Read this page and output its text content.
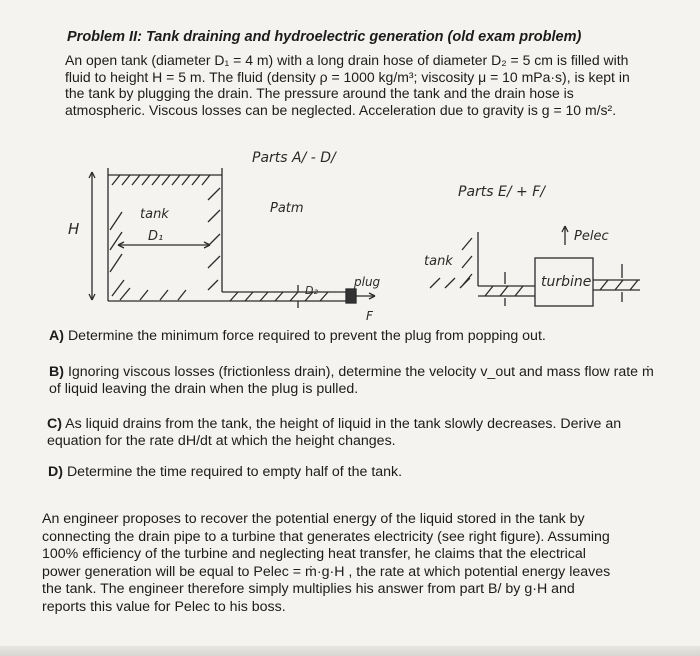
Problem II: Tank draining and hydroelectric generation (old exam problem)
An open tank (diameter D₁ = 4 m) with a long drain hose of diameter D₂ = 5 cm is filled with
fluid to height H = 5 m. The fluid (density ρ = 1000 kg/m³; viscosity μ = 10 mPa·s), is kept in
the tank by plugging the drain. The pressure around the tank and the drain hose is
atmospheric. Viscous losses can be neglected. Acceleration due to gravity is g = 10 m/s².
Parts A/ - D/
Parts E/ + F/
tank
D₁
H
Patm
D₂
plug
F
tank
turbine
Pelec
A) Determine the minimum force required to prevent the plug from popping out.
B) Ignoring viscous losses (frictionless drain), determine the velocity v_out and mass flow rate ṁ of liquid leaving the drain when the plug is pulled.
C) As liquid drains from the tank, the height of liquid in the tank slowly decreases. Derive an equation for the rate dH/dt at which the height changes.
D) Determine the time required to empty half of the tank.
An engineer proposes to recover the potential energy of the liquid stored in the tank by
connecting the drain pipe to a turbine that generates electricity (see right figure). Assuming
100% efficiency of the turbine and neglecting heat transfer, he claims that the electrical
power generation will be equal to Pelec = ṁ·g·H , the rate at which potential energy leaves
the tank. The engineer therefore simply multiplies his answer from part B/ by g·H and
reports this value for Pelec to his boss.
